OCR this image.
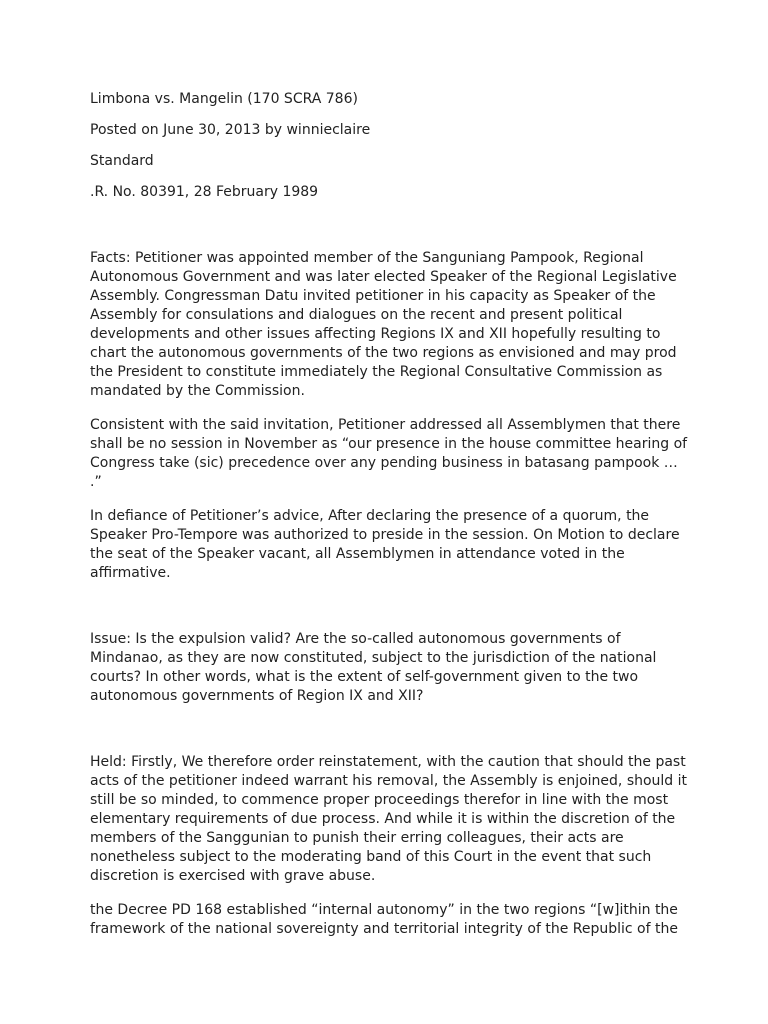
Limbona vs. Mangelin (170 SCRA 786)

Posted on June 30, 2013 by winnieclaire

Standard

.R. No. 80391, 28 February 1989

Facts: Petitioner was appointed member of the Sanguniang Pampook, Regional Autonomous Government and was later elected Speaker of the Regional Legislative Assembly. Congressman Datu invited petitioner in his capacity as Speaker of the Assembly for consulations and dialogues on the recent and present political developments and other issues affecting Regions IX and XII hopefully resulting to chart the autonomous governments of the two regions as envisioned and may prod the President to constitute immediately the Regional Consultative Commission as mandated by the Commission.

Consistent with the said invitation, Petitioner addressed all Assemblymen that there shall be no session in November as “our presence in the house committee hearing of Congress take (sic) precedence over any pending business in batasang pampook … .”

In defiance of Petitioner’s advice, After declaring the presence of a quorum, the Speaker Pro-Tempore was authorized to preside in the session. On Motion to declare the seat of the Speaker vacant, all Assemblymen in attendance voted in the affirmative.

Issue: Is the expulsion valid? Are the so-called autonomous governments of Mindanao, as they are now constituted, subject to the jurisdiction of the national courts? In other words, what is the extent of self-government given to the two autonomous governments of Region IX and XII?

Held: Firstly, We therefore order reinstatement, with the caution that should the past acts of the petitioner indeed warrant his removal, the Assembly is enjoined, should it still be so minded, to commence proper proceedings therefor in line with the most elementary requirements of due process. And while it is within the discretion of the members of the Sanggunian to punish their erring colleagues, their acts are nonetheless subject to the moderating band of this Court in the event that such discretion is exercised with grave abuse.

the Decree PD 168 established “internal autonomy” in the two regions “[w]ithin the framework of the national sovereignty and territorial integrity of the Republic of the
